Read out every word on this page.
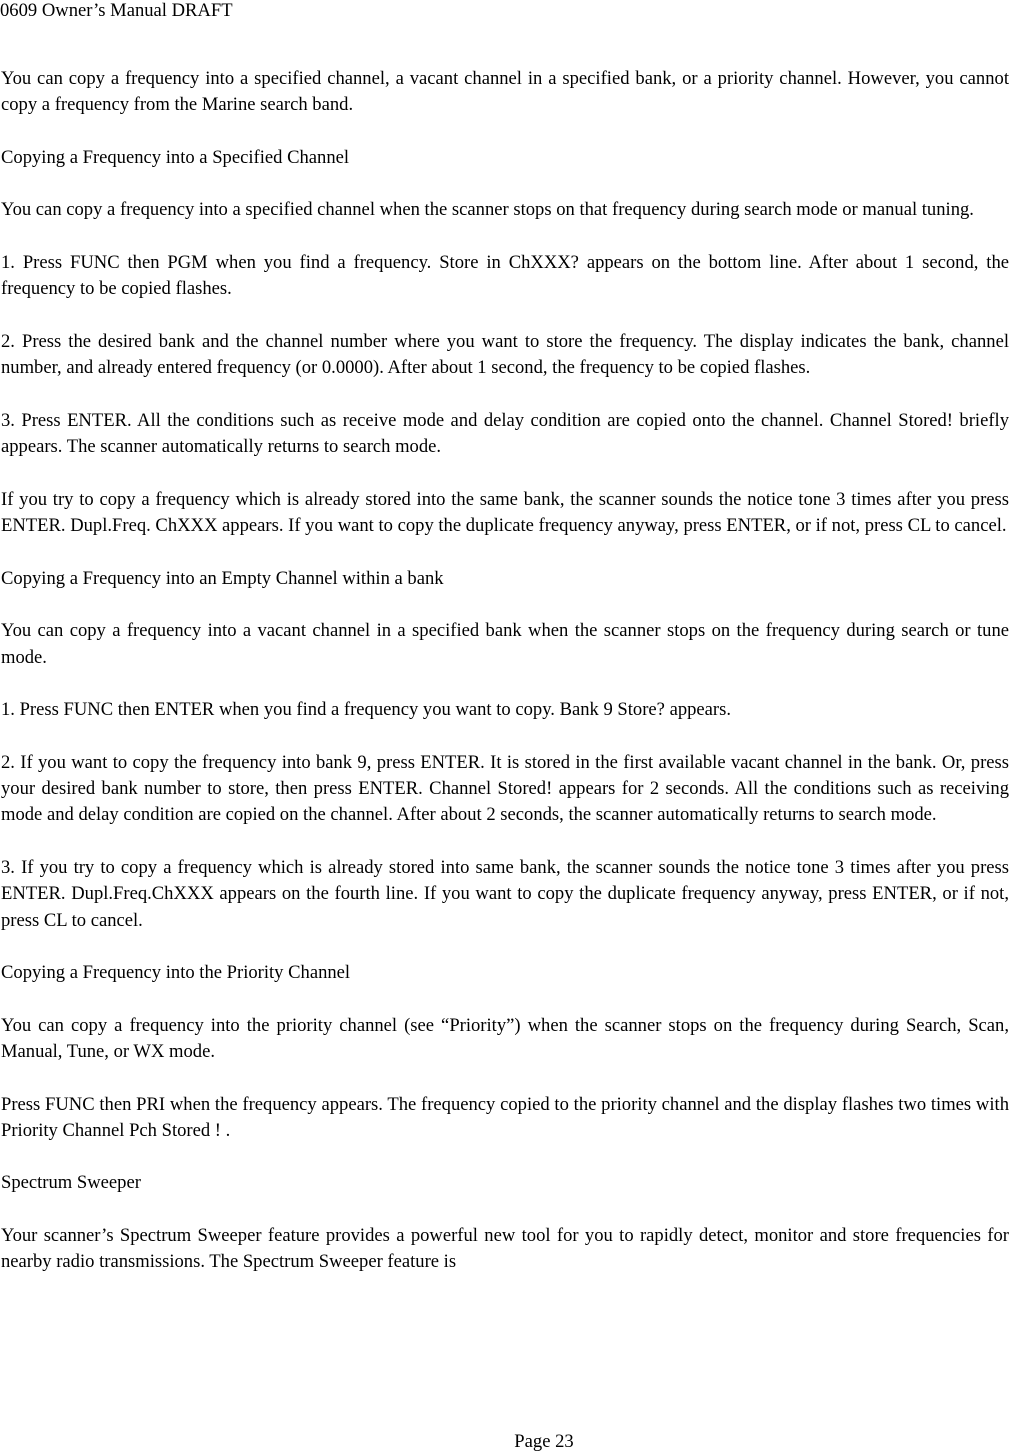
0609 Owner’s Manual DRAFT

You can copy a frequency into a specified channel, a vacant channel in a specified bank, or a priority channel. However, you cannot copy a frequency from the Marine search band.

Copying a Frequency into a Specified Channel

You can copy a frequency into a specified channel when the scanner stops on that frequency during search mode or manual tuning.

1. Press FUNC then PGM when you find a frequency. Store in ChXXX? appears on the bottom line. After about 1 second, the frequency to be copied flashes.

2. Press the desired bank and the channel number where you want to store the frequency. The display indicates the bank, channel number, and already entered frequency (or 0.0000). After about 1 second, the frequency to be copied flashes.

3. Press ENTER. All the conditions such as receive mode and delay condition are copied onto the channel. Channel Stored! briefly appears. The scanner automatically returns to search mode.

If you try to copy a frequency which is already stored into the same bank, the scanner sounds the notice tone 3 times after you press ENTER. Dupl.Freq. ChXXX appears. If you want to copy the duplicate frequency anyway, press ENTER, or if not, press CL to cancel.

Copying a Frequency into an Empty Channel within a bank

You can copy a frequency into a vacant channel in a specified bank when the scanner stops on the frequency during search or tune mode.

1. Press FUNC then ENTER when you find a frequency you want to copy. Bank 9 Store? appears.

2. If you want to copy the frequency into bank 9, press ENTER. It is stored in the first available vacant channel in the bank. Or, press your desired bank number to store, then press ENTER. Channel Stored! appears for 2 seconds. All the conditions such as receiving mode and delay condition are copied on the channel. After about 2 seconds, the scanner automatically returns to search mode.

3. If you try to copy a frequency which is already stored into same bank, the scanner sounds the notice tone 3 times after you press ENTER. Dupl.Freq.ChXXX appears on the fourth line. If you want to copy the duplicate frequency anyway, press ENTER, or if not, press CL to cancel.

Copying a Frequency into the Priority Channel

You can copy a frequency into the priority channel (see “Priority”) when the scanner stops on the frequency during Search, Scan, Manual, Tune, or WX mode.

Press FUNC then PRI when the frequency appears. The frequency copied to the priority channel and the display flashes two times with Priority Channel Pch Stored ! .

Spectrum Sweeper

Your scanner’s Spectrum Sweeper feature provides a powerful new tool for you to rapidly detect, monitor and store frequencies for nearby radio transmissions. The Spectrum Sweeper feature is

Page 23
